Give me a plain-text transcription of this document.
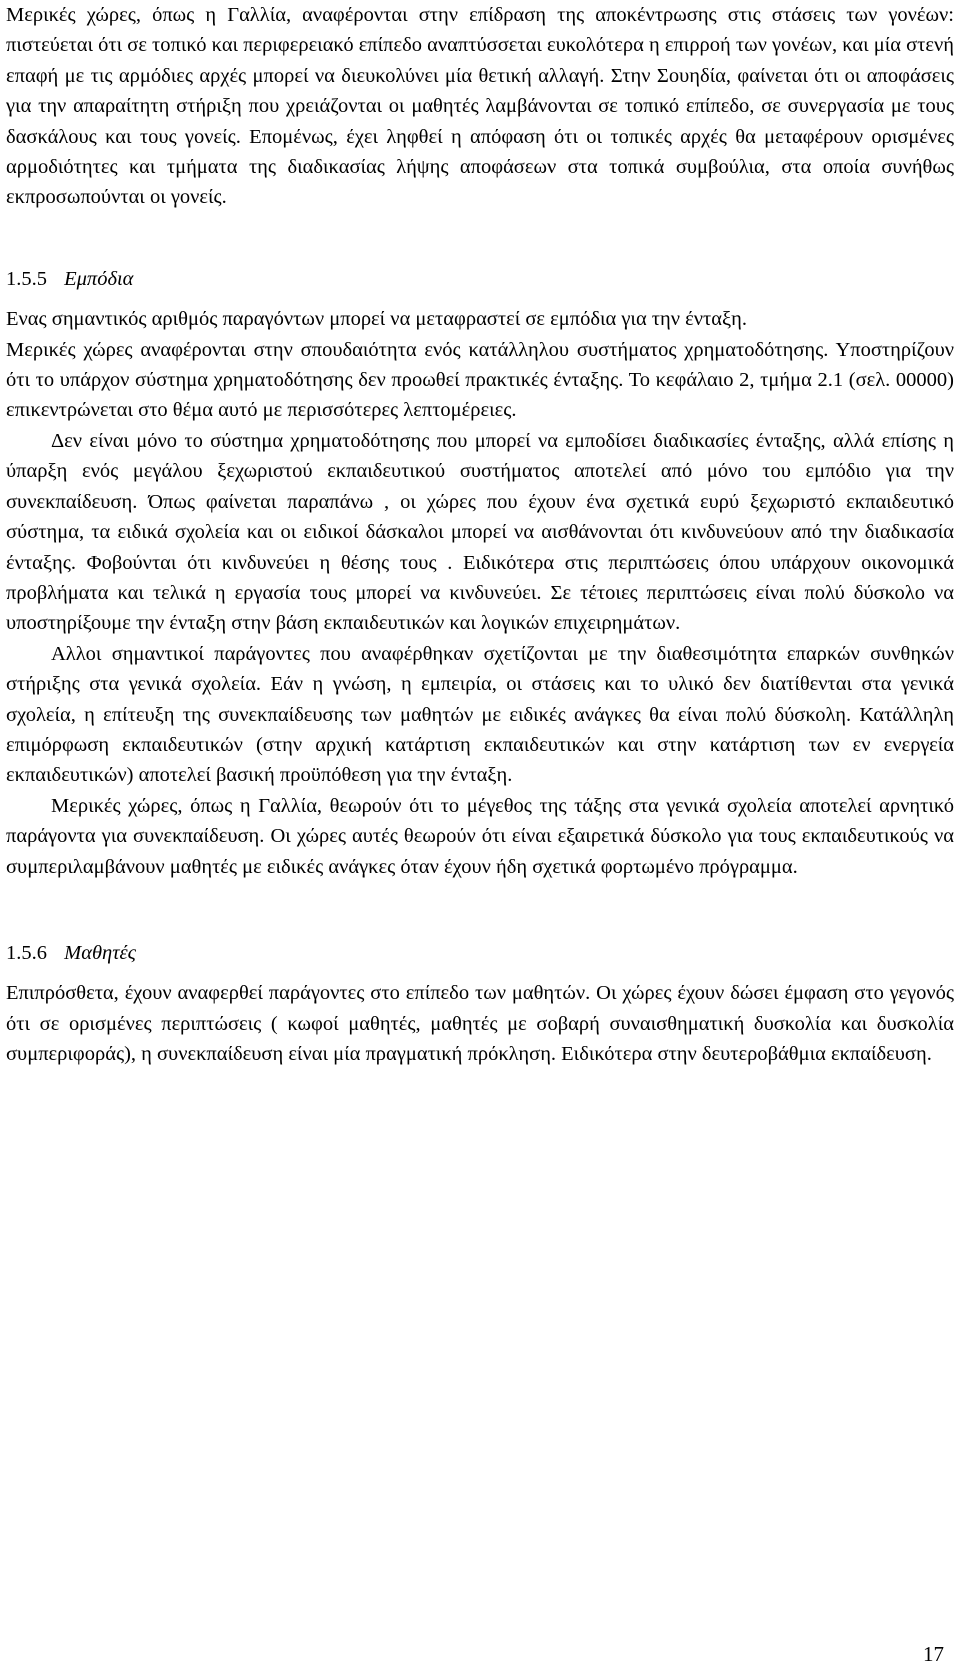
Μερικές χώρες, όπως η Γαλλία, αναφέρονται στην επίδραση της αποκέντρωσης στις στάσεις των γονέων: πιστεύεται ότι σε τοπικό και περιφερειακό επίπεδο αναπτύσσεται ευκολότερα η επιρροή των γονέων, και μία στενή επαφή με τις αρμόδιες αρχές μπορεί να διευκολύνει μία θετική αλλαγή. Στην Σουηδία, φαίνεται ότι οι αποφάσεις για την απαραίτητη στήριξη που χρειάζονται οι μαθητές λαμβάνονται σε τοπικό επίπεδο, σε συνεργασία με τους δασκάλους και τους γονείς. Επομένως, έχει ληφθεί η απόφαση ότι οι τοπικές αρχές θα μεταφέρουν ορισμένες αρμοδιότητες και τμήματα της διαδικασίας λήψης αποφάσεων στα τοπικά συμβούλια, στα οποία συνήθως εκπροσωπούνται οι γονείς.

1.5.5 Εμπόδια

Ενας σημαντικός αριθμός παραγόντων μπορεί να μεταφραστεί σε εμπόδια για την ένταξη.

Μερικές χώρες αναφέρονται στην σπουδαιότητα ενός κατάλληλου συστήματος χρηματοδότησης. Υποστηρίζουν ότι το υπάρχον σύστημα χρηματοδότησης δεν προωθεί πρακτικές ένταξης. Το κεφάλαιο 2, τμήμα 2.1 (σελ. 00000) επικεντρώνεται στο θέμα αυτό με περισσότερες λεπτομέρειες.

Δεν είναι μόνο το σύστημα χρηματοδότησης που μπορεί να εμποδίσει διαδικασίες ένταξης, αλλά επίσης η ύπαρξη ενός μεγάλου ξεχωριστού εκπαιδευτικού συστήματος αποτελεί από μόνο του εμπόδιο για την συνεκπαίδευση. Όπως φαίνεται παραπάνω , οι χώρες που έχουν ένα σχετικά ευρύ ξεχωριστό εκπαιδευτικό σύστημα, τα ειδικά σχολεία και οι ειδικοί δάσκαλοι μπορεί να αισθάνονται ότι κινδυνεύουν από την διαδικασία ένταξης. Φοβούνται ότι κινδυνεύει η θέσης τους . Ειδικότερα στις περιπτώσεις όπου υπάρχουν οικονομικά προβλήματα και τελικά η εργασία τους μπορεί να κινδυνεύει. Σε τέτοιες περιπτώσεις είναι πολύ δύσκολο να υποστηρίξουμε την ένταξη στην βάση εκπαιδευτικών και λογικών επιχειρημάτων.

Αλλοι σημαντικοί παράγοντες που αναφέρθηκαν σχετίζονται με την διαθεσιμότητα επαρκών συνθηκών στήριξης στα γενικά σχολεία. Εάν η γνώση, η εμπειρία, οι στάσεις και το υλικό δεν διατίθενται στα γενικά σχολεία, η επίτευξη της συνεκπαίδευσης των μαθητών με ειδικές ανάγκες θα είναι πολύ δύσκολη. Κατάλληλη επιμόρφωση εκπαιδευτικών (στην αρχική κατάρτιση εκπαιδευτικών και στην κατάρτιση των εν ενεργεία εκπαιδευτικών) αποτελεί βασική προϋπόθεση για την ένταξη.

Μερικές χώρες, όπως η Γαλλία, θεωρούν ότι το μέγεθος της τάξης στα γενικά σχολεία αποτελεί αρνητικό παράγοντα για συνεκπαίδευση. Οι χώρες αυτές θεωρούν ότι είναι εξαιρετικά δύσκολο για τους εκπαιδευτικούς να συμπεριλαμβάνουν μαθητές με ειδικές ανάγκες όταν έχουν ήδη σχετικά φορτωμένο πρόγραμμα.

1.5.6 Μαθητές

Επιπρόσθετα, έχουν αναφερθεί παράγοντες στο επίπεδο των μαθητών. Οι χώρες έχουν δώσει έμφαση στο γεγονός ότι σε ορισμένες περιπτώσεις ( κωφοί μαθητές, μαθητές με σοβαρή συναισθηματική δυσκολία και δυσκολία συμπεριφοράς), η συνεκπαίδευση είναι μία πραγματική πρόκληση. Ειδικότερα στην δευτεροβάθμια εκπαίδευση.

17
